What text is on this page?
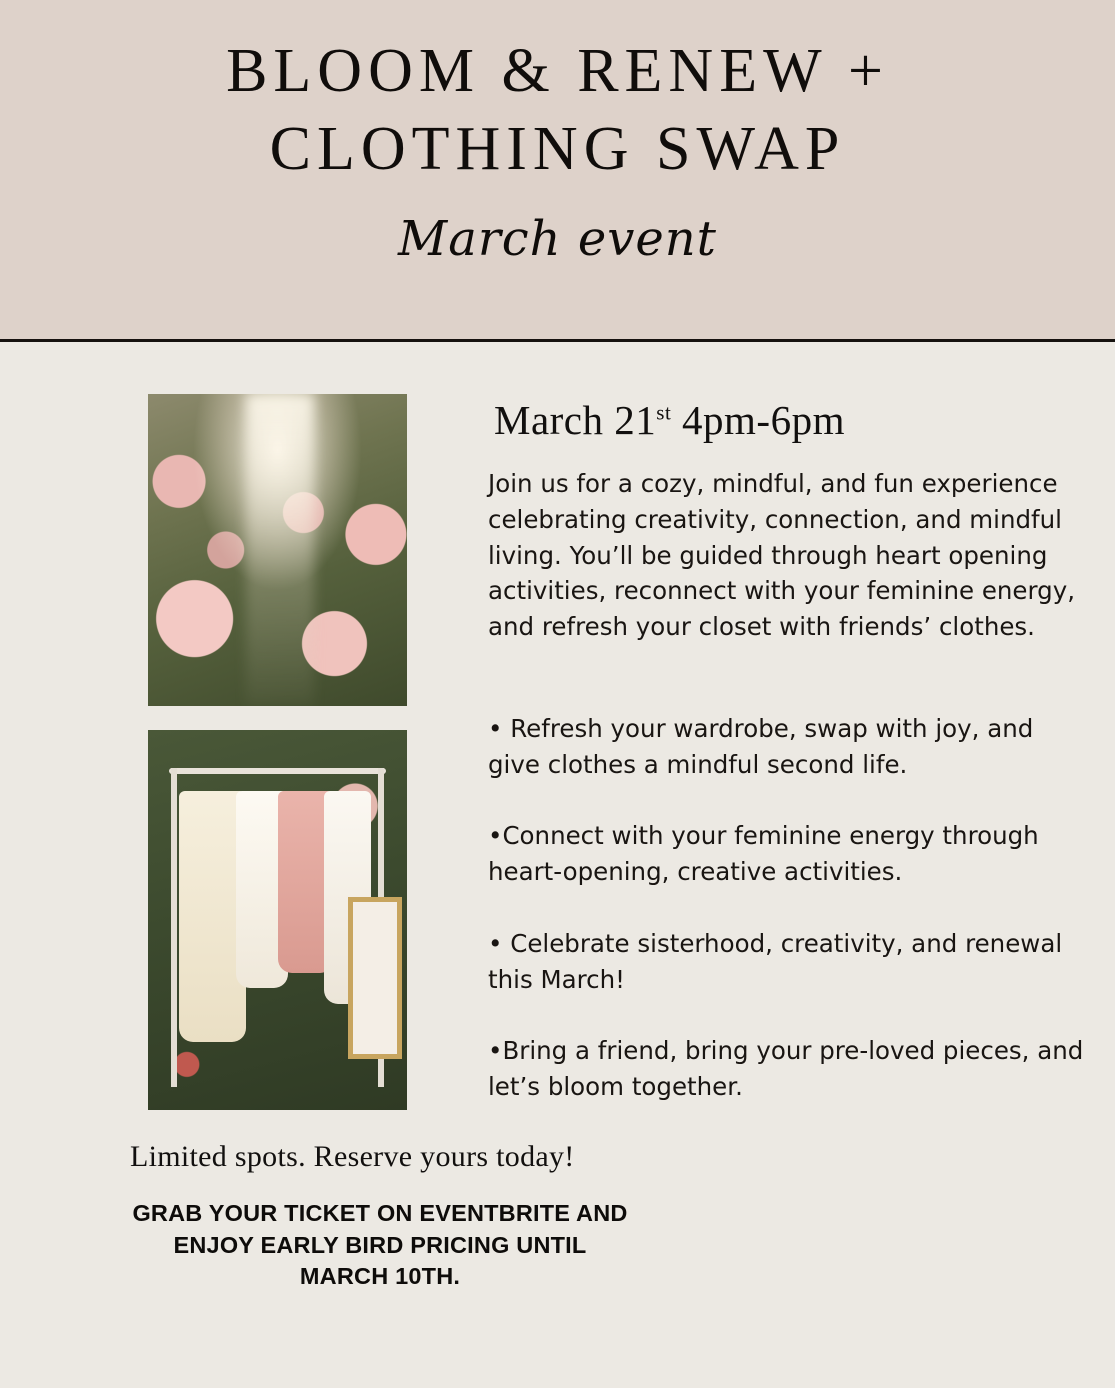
BLOOM & RENEW +
CLOTHING SWAP
March event
March 21st 4pm-6pm
Join us for a cozy, mindful, and fun experience celebrating creativity, connection, and mindful living. You’ll be guided through heart opening activities, reconnect with your feminine energy, and refresh your closet with friends’ clothes.
• Refresh your wardrobe, swap with joy, and give clothes a mindful second life.
•Connect with your feminine energy through heart-opening, creative activities.
• Celebrate sisterhood, creativity, and renewal this March!
•Bring a friend, bring your pre-loved pieces, and let’s bloom together.
Limited spots. Reserve yours today!
GRAB YOUR TICKET ON EVENTBRITE AND ENJOY EARLY BIRD PRICING UNTIL MARCH 10TH.
